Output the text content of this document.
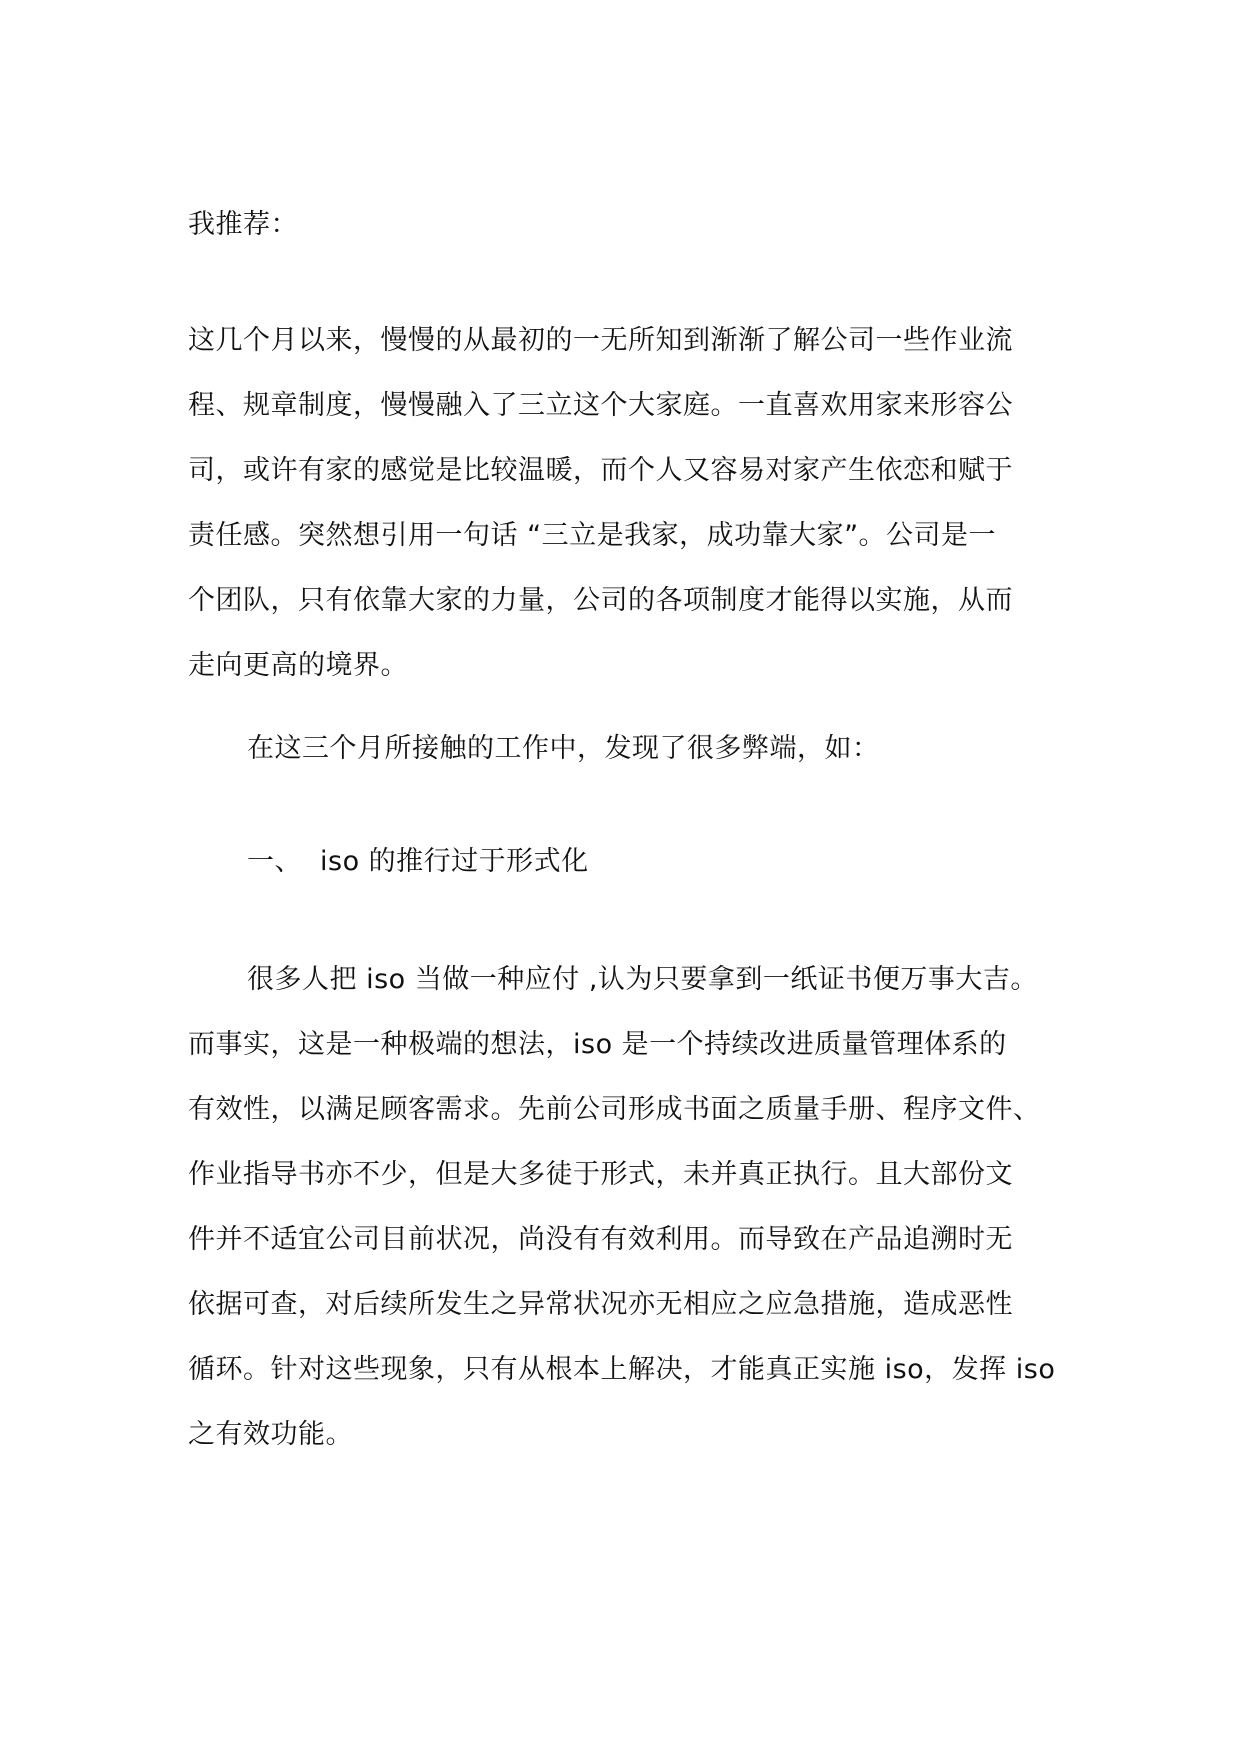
我推荐：

这几个月以来，慢慢的从最初的一无所知到渐渐了解公司一些作业流
程、规章制度，慢慢融入了三立这个大家庭。一直喜欢用家来形容公
司，或许有家的感觉是比较温暖，而个人又容易对家产生依恋和赋于
责任感。突然想引用一句话 “三立是我家，成功靠大家”。公司是一
个团队，只有依靠大家的力量，公司的各项制度才能得以实施，从而
走向更高的境界。

在这三个月所接触的工作中，发现了很多弊端，如：

一、 iso 的推行过于形式化

很多人把 iso 当做一种应付 ,认为只要拿到一纸证书便万事大吉。
而事实，这是一种极端的想法，iso 是一个持续改进质量管理体系的
有效性，以满足顾客需求。先前公司形成书面之质量手册、程序文件、
作业指导书亦不少，但是大多徒于形式，未并真正执行。且大部份文
件并不适宜公司目前状况，尚没有有效利用。而导致在产品追溯时无
依据可查，对后续所发生之异常状况亦无相应之应急措施，造成恶性
循环。针对这些现象，只有从根本上解决，才能真正实施 iso，发挥 iso
之有效功能。
